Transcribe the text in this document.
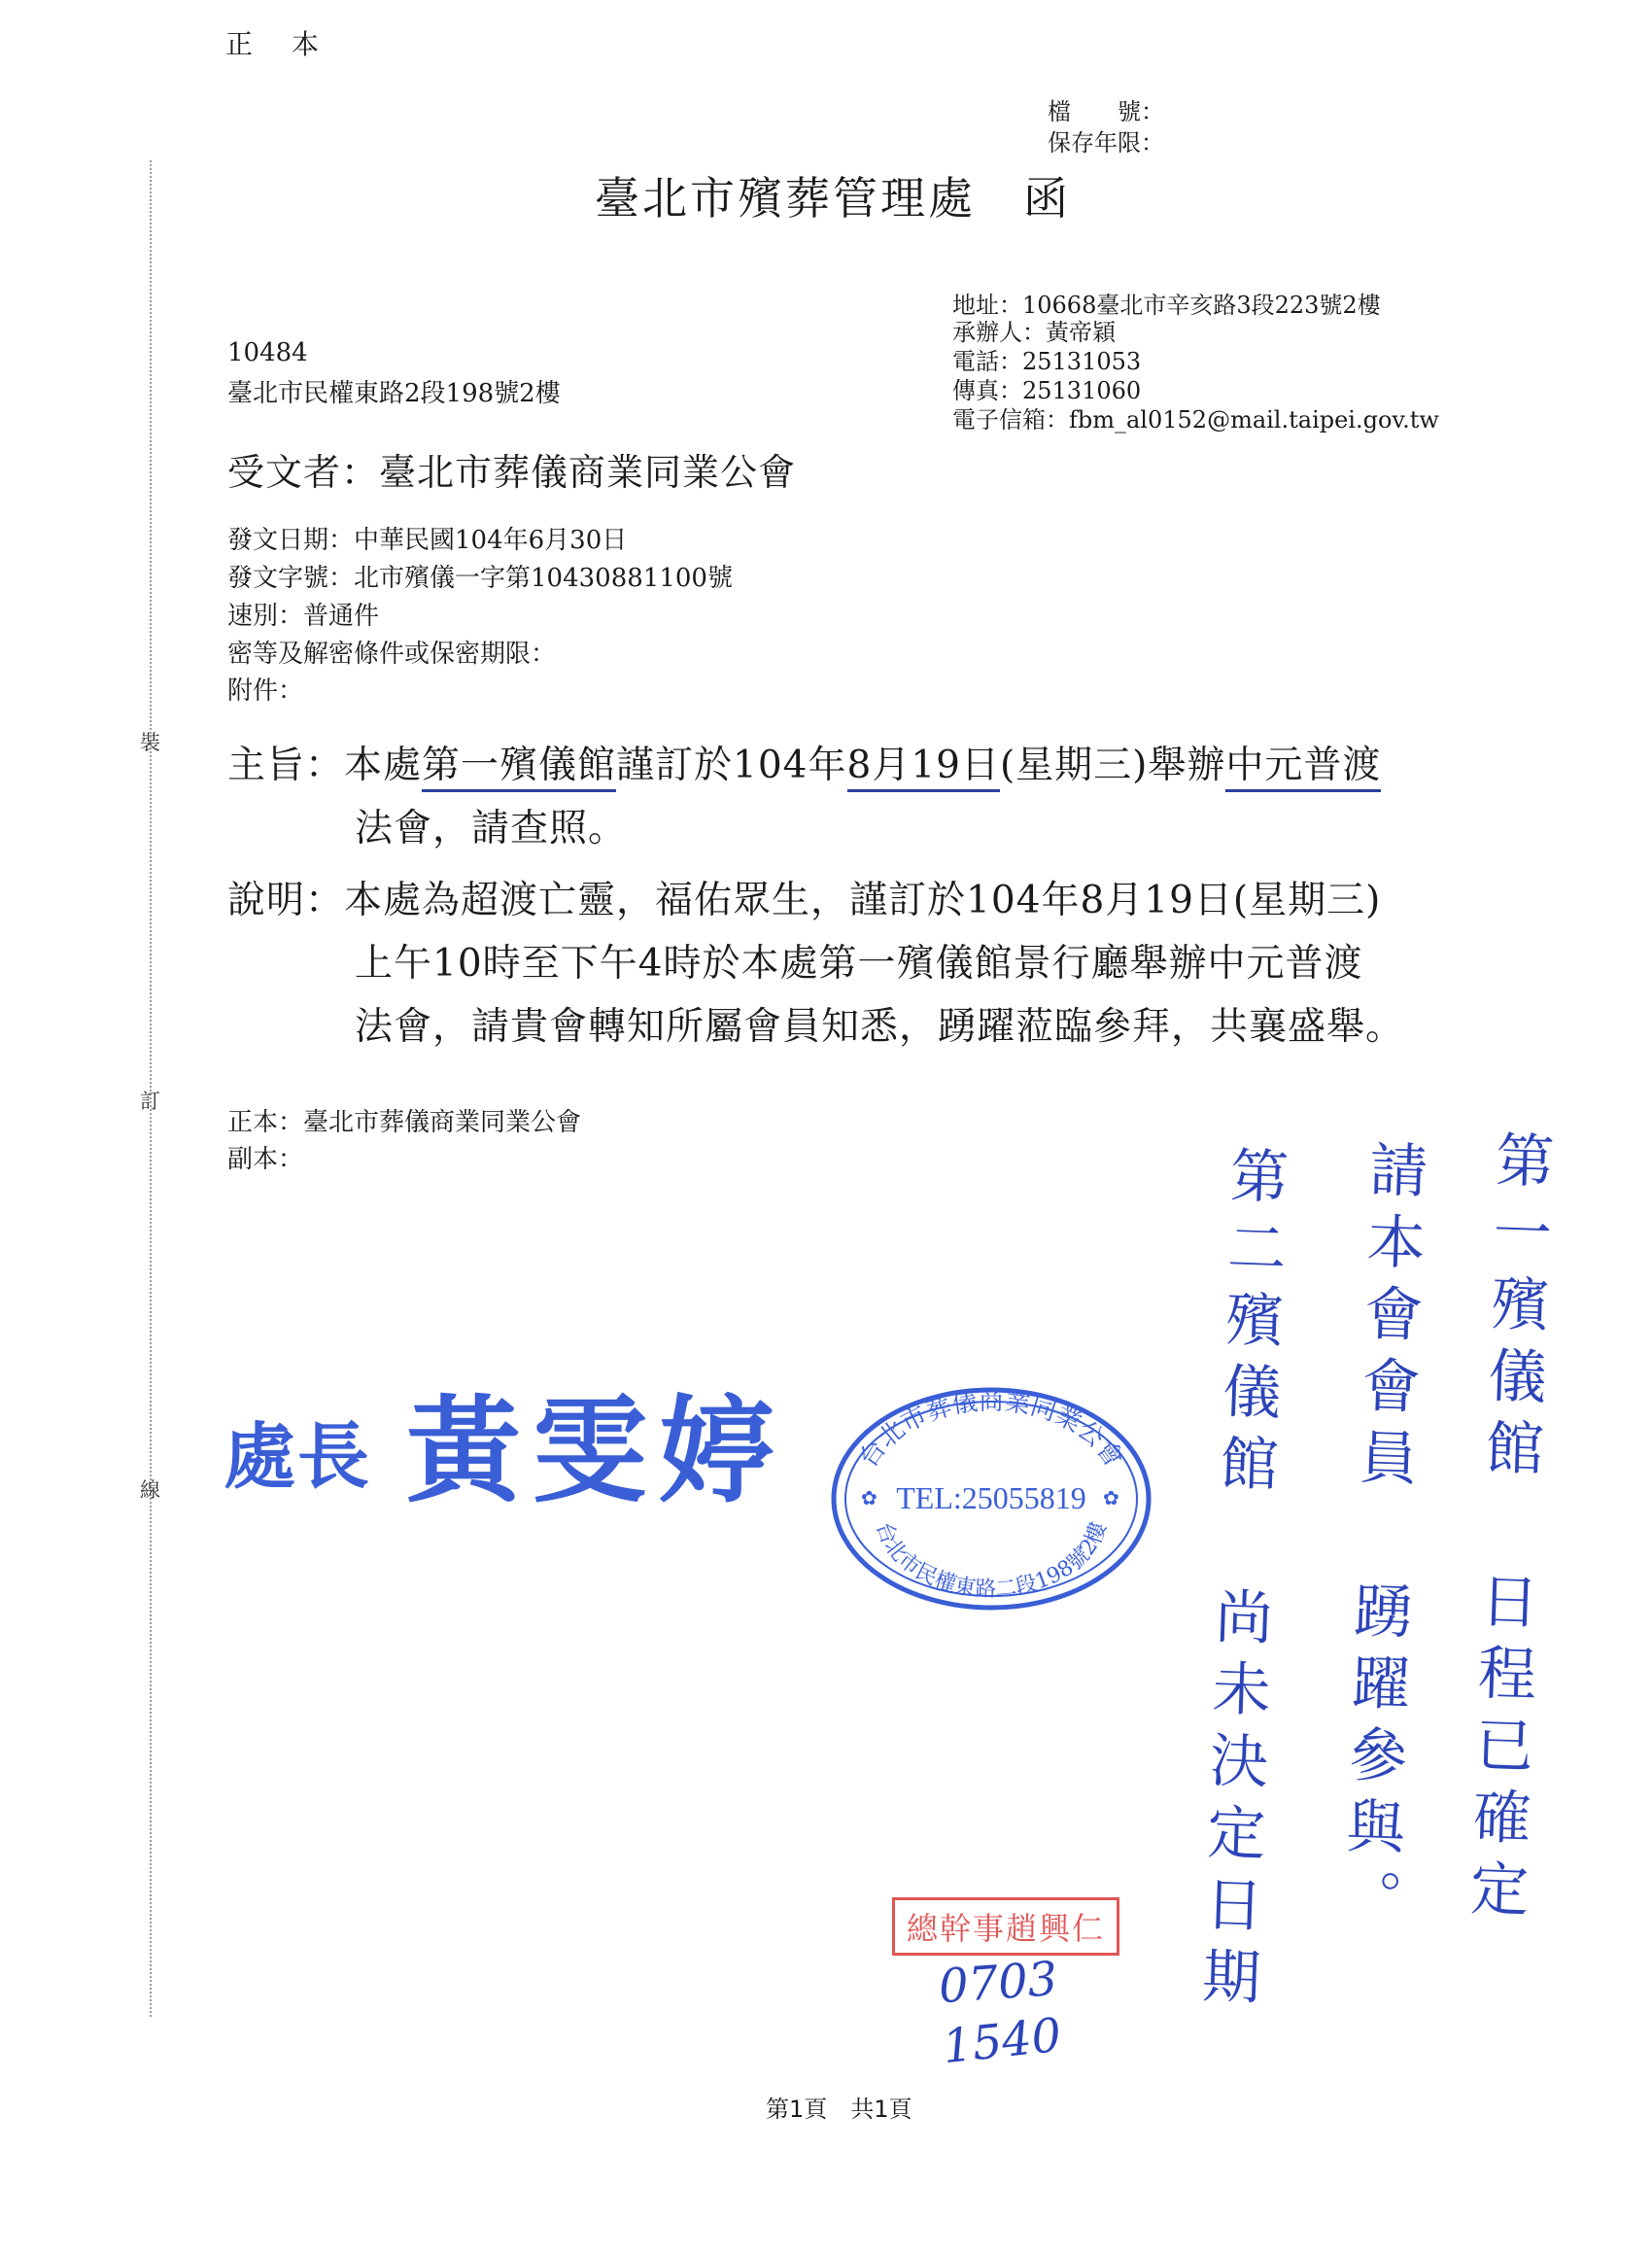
正　本
檔　　號：
保存年限：
臺北市殯葬管理處　函
地址：10668臺北市辛亥路3段223號2樓
承辦人：黃帝穎
電話：25131053
傳真：25131060
電子信箱：fbm_al0152@mail.taipei.gov.tw
10484
臺北市民權東路2段198號2樓
受文者：臺北市葬儀商業同業公會
發文日期：中華民國104年6月30日
發文字號：北市殯儀一字第10430881100號
速別：普通件
密等及解密條件或保密期限：
附件：
裝
訂
線
主旨：本處第一殯儀館謹訂於104年8月19日(星期三)舉辦中元普渡
法會，請查照。
說明：本處為超渡亡靈，福佑眾生，謹訂於104年8月19日(星期三)
上午10時至下午4時於本處第一殯儀館景行廳舉辦中元普渡
法會，請貴會轉知所屬會員知悉，踴躍蒞臨參拜，共襄盛舉。
正本：臺北市葬儀商業同業公會
副本：
處長 黃雯婷	台北市葬儀商業同業公會
TEL:25055819
台北市民權東路二段198號2樓
✿	✿
總幹事趙興仁
0703
1540
第一殯儀館 日程已確定
請本會會員 踴躍參與。
第二殯儀館 尚未決定日期
第1頁　共1頁
